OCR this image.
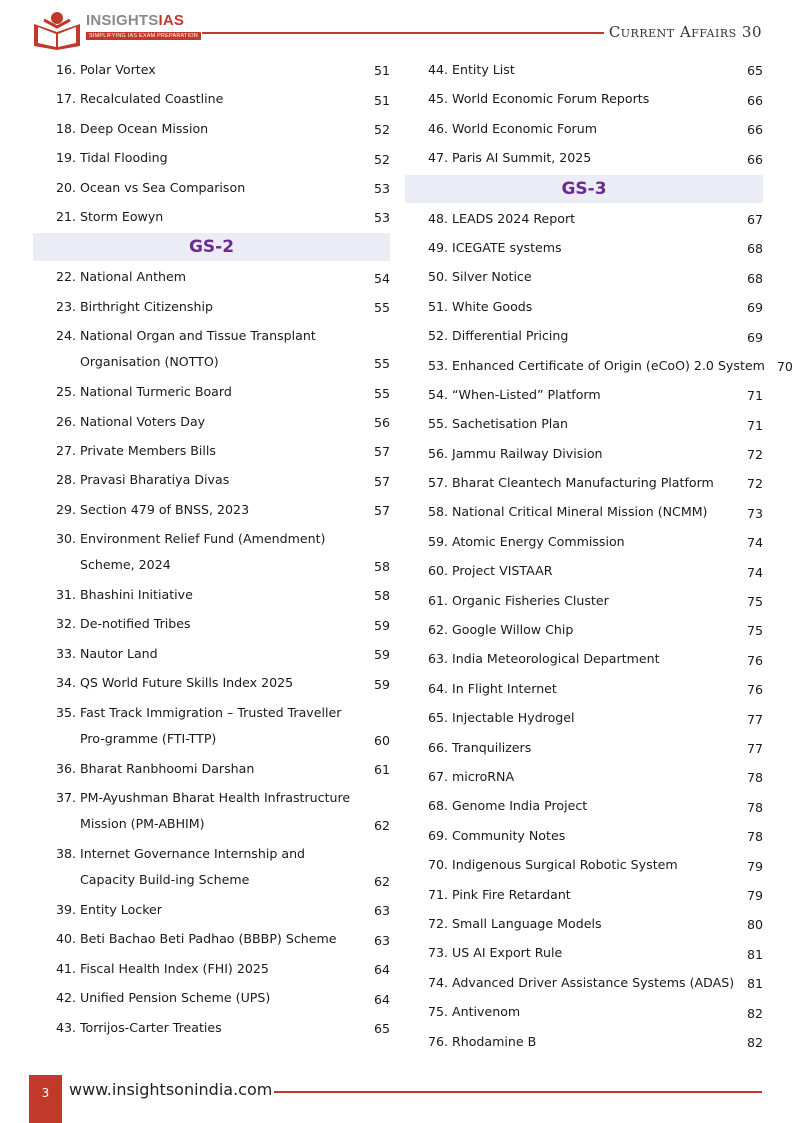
INSIGHTSIAS
SIMPLIFYING IAS EXAM PREPARATION	Current Affairs 30
16. Polar Vortex	51
17. Recalculated Coastline	51
18. Deep Ocean Mission	52
19. Tidal Flooding	52
20. Ocean vs Sea Comparison	53
21. Storm Eowyn	53
GS-2
22. National Anthem	54
23. Birthright Citizenship	55
24. National Organ and Tissue Transplant Organisation (NOTTO)	55
25. National Turmeric Board	55
26. National Voters Day	56
27. Private Members Bills	57
28. Pravasi Bharatiya Divas	57
29. Section 479 of BNSS, 2023	57
30. Environment Relief Fund (Amendment) Scheme, 2024	58
31. Bhashini Initiative	58
32. De-notified Tribes	59
33. Nautor Land	59
34. QS World Future Skills Index 2025	59
35. Fast Track Immigration – Trusted Traveller Pro-gramme (FTI-TTP)	60
36. Bharat Ranbhoomi Darshan	61
37. PM-Ayushman Bharat Health Infrastructure Mission (PM-ABHIM)	62
38. Internet Governance Internship and Capacity Build-ing Scheme	62
39. Entity Locker	63
40. Beti Bachao Beti Padhao (BBBP) Scheme	63
41. Fiscal Health Index (FHI) 2025	64
42. Unified Pension Scheme (UPS)	64
43. Torrijos-Carter Treaties	65
44. Entity List	65
45. World Economic Forum Reports	66
46. World Economic Forum	66
47. Paris AI Summit, 2025	66
GS-3
48. LEADS 2024 Report	67
49. ICEGATE systems	68
50. Silver Notice	68
51. White Goods	69
52. Differential Pricing	69
53. Enhanced Certificate of Origin (eCoO) 2.0 System 70
54. “When-Listed” Platform	71
55. Sachetisation Plan	71
56. Jammu Railway Division	72
57. Bharat Cleantech Manufacturing Platform	72
58. National Critical Mineral Mission (NCMM)	73
59. Atomic Energy Commission	74
60. Project VISTAAR	74
61. Organic Fisheries Cluster	75
62. Google Willow Chip	75
63. India Meteorological Department	76
64. In Flight Internet	76
65. Injectable Hydrogel	77
66. Tranquilizers	77
67. microRNA	78
68. Genome India Project	78
69. Community Notes	78
70. Indigenous Surgical Robotic System	79
71. Pink Fire Retardant	79
72. Small Language Models	80
73. US AI Export Rule	81
74. Advanced Driver Assistance Systems (ADAS)	81
75. Antivenom	82
76. Rhodamine B	82
3	www.insightsonindia.com
